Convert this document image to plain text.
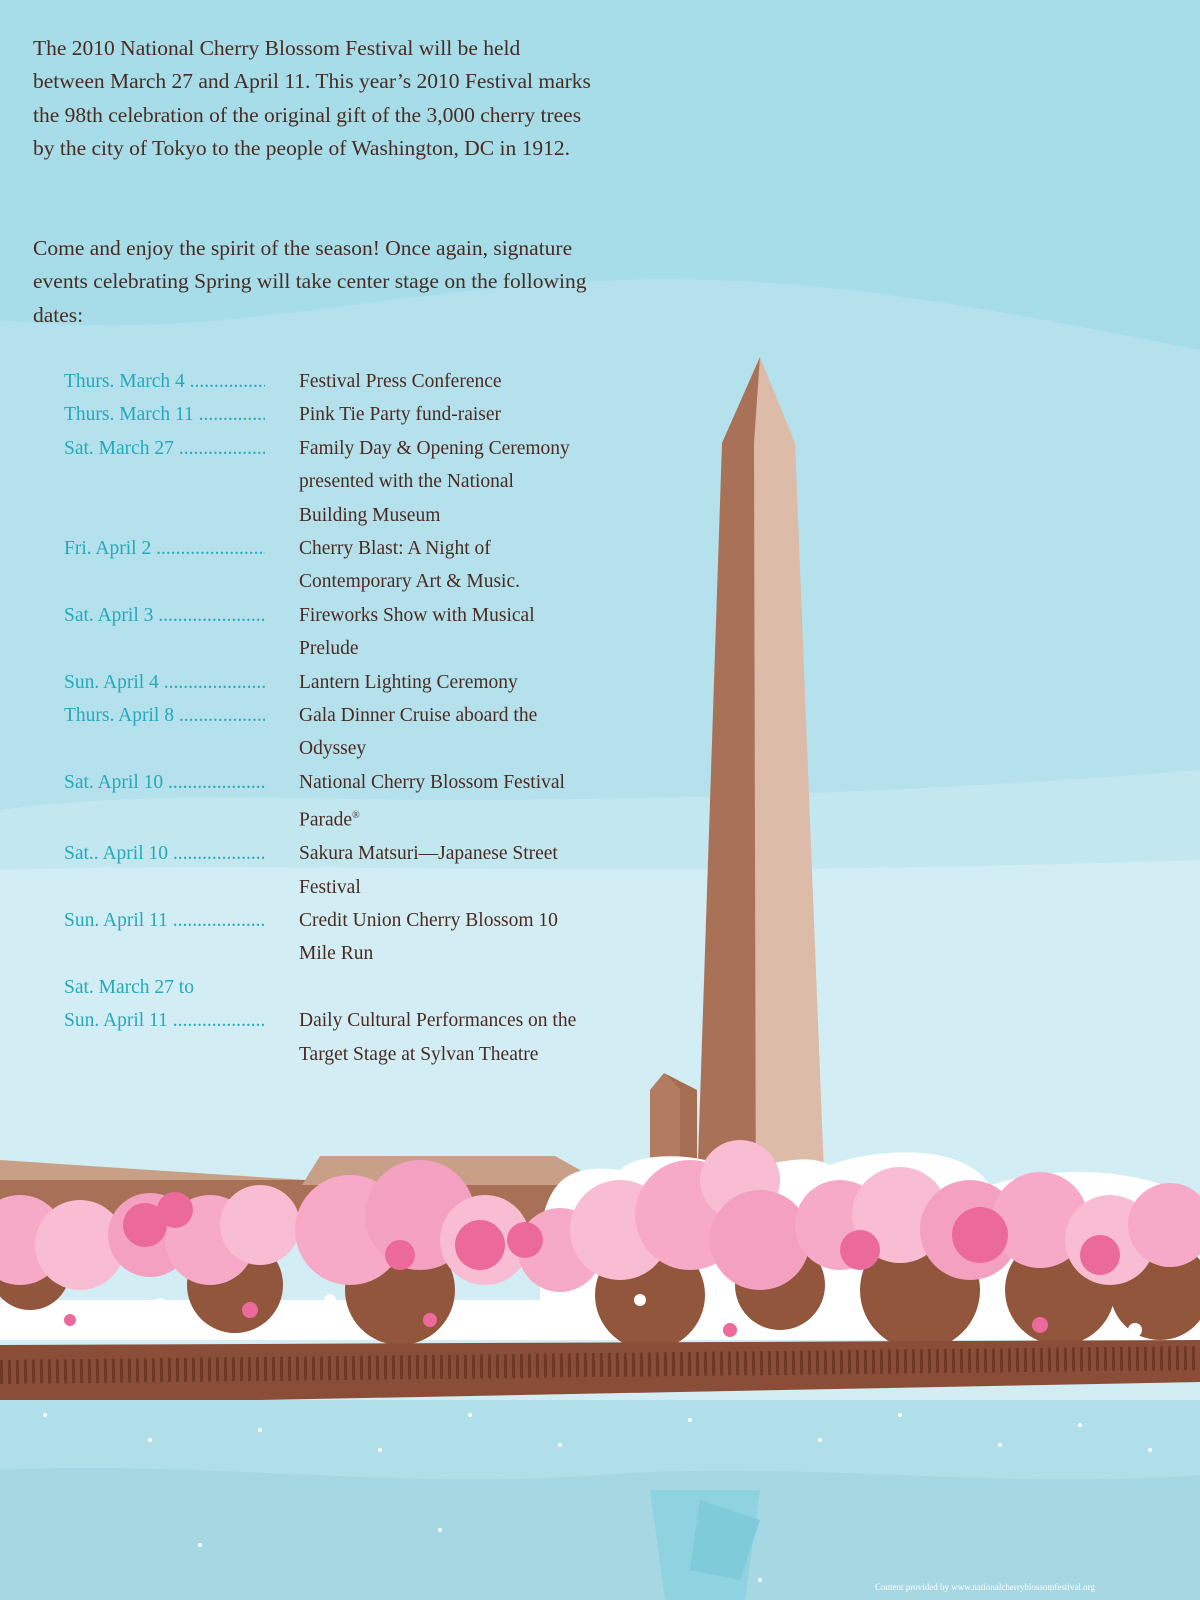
The 2010 National Cherry Blossom Festival will be held between March 27 and April 11. This year’s 2010 Festival marks the 98th celebration of the original gift of the 3,000 cherry trees by the city of Tokyo to the people of Washington, DC in 1912.

Come and enjoy the spirit of the season! Once again, signature events celebrating Spring will take center stage on the following dates:

Thurs. March 4 .....	Festival Press Conference
Thurs. March 11 .....	Pink Tie Party fund-raiser
Sat. March 27 .....	Family Day & Opening Ceremony presented with the National Building Museum
Fri. April 2 .....	Cherry Blast: A Night of Contemporary Art & Music.
Sat. April 3 .....	Fireworks Show with Musical Prelude
Sun. April 4 .....	Lantern Lighting Ceremony
Thurs. April 8 .....	Gala Dinner Cruise aboard the Odyssey
Sat. April 10 .....	National Cherry Blossom Festival Parade®
Sat.. April 10 .....	Sakura Matsuri—Japanese Street Festival
Sun. April 11 .....	Credit Union Cherry Blossom 10 Mile Run
Sat. March 27 to
Sun. April 11 .....	Daily Cultural Performances on the Target Stage at Sylvan Theatre
Content provided by www.nationalcherryblossomfestival.org
